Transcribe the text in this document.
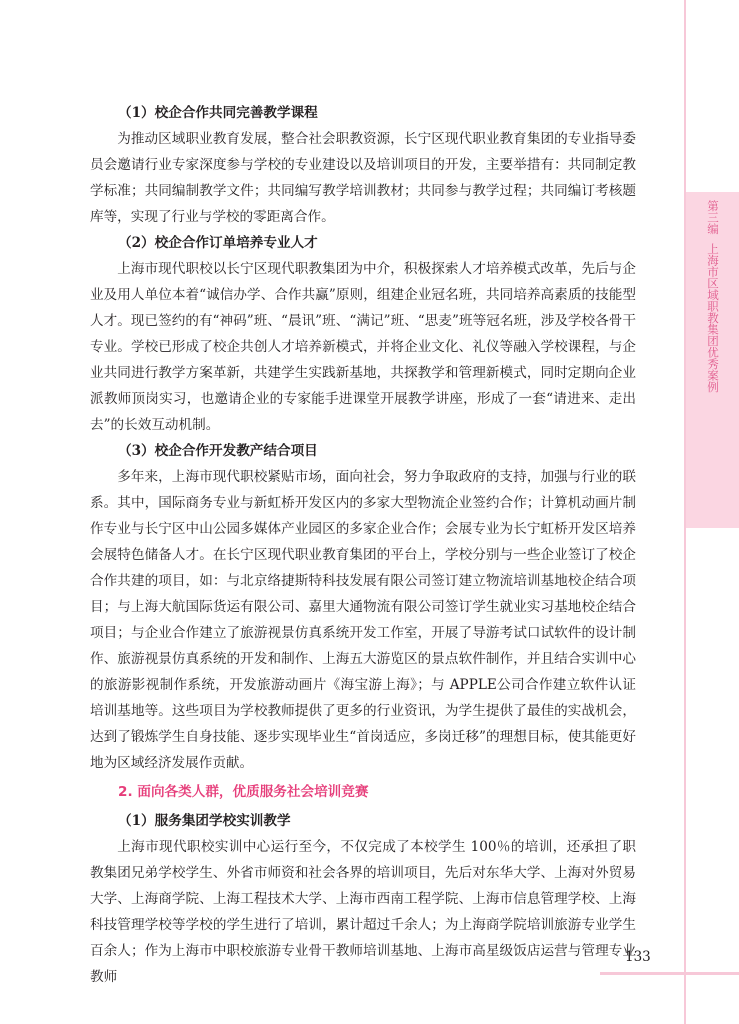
第三编
上海市区域职教集团优秀案例
（1）校企合作共同完善教学课程

为推动区域职业教育发展，整合社会职教资源，长宁区现代职业教育集团的专业指导委员会邀请行业专家深度参与学校的专业建设以及培训项目的开发，主要举措有：共同制定教学标准；共同编制教学文件；共同编写教学培训教材；共同参与教学过程；共同编订考核题库等，实现了行业与学校的零距离合作。

（2）校企合作订单培养专业人才

上海市现代职校以长宁区现代职教集团为中介，积极探索人才培养模式改革，先后与企业及用人单位本着“诚信办学、合作共赢”原则，组建企业冠名班，共同培养高素质的技能型人才。现已签约的有“神码”班、“晨讯”班、“满记”班、“思麦”班等冠名班，涉及学校各骨干专业。学校已形成了校企共创人才培养新模式，并将企业文化、礼仪等融入学校课程，与企业共同进行教学方案革新，共建学生实践新基地，共探教学和管理新模式，同时定期向企业派教师顶岗实习，也邀请企业的专家能手进课堂开展教学讲座，形成了一套“请进来、走出去”的长效互动机制。

（3）校企合作开发教产结合项目

多年来，上海市现代职校紧贴市场，面向社会，努力争取政府的支持，加强与行业的联系。其中，国际商务专业与新虹桥开发区内的多家大型物流企业签约合作；计算机动画片制作专业与长宁区中山公园多媒体产业园区的多家企业合作；会展专业为长宁虹桥开发区培养会展特色储备人才。在长宁区现代职业教育集团的平台上，学校分别与一些企业签订了校企合作共建的项目，如：与北京络捷斯特科技发展有限公司签订建立物流培训基地校企结合项目；与上海大航国际货运有限公司、嘉里大通物流有限公司签订学生就业实习基地校企结合项目；与企业合作建立了旅游视景仿真系统开发工作室，开展了导游考试口试软件的设计制作、旅游视景仿真系统的开发和制作、上海五大游览区的景点软件制作，并且结合实训中心的旅游影视制作系统，开发旅游动画片《海宝游上海》；与 APPLE公司合作建立软件认证培训基地等。这些项目为学校教师提供了更多的行业资讯，为学生提供了最佳的实战机会，达到了锻炼学生自身技能、逐步实现毕业生“首岗适应，多岗迁移”的理想目标，使其能更好地为区域经济发展作贡献。

2. 面向各类人群，优质服务社会培训竞赛
（1）服务集团学校实训教学

上海市现代职校实训中心运行至今，不仅完成了本校学生 100％的培训，还承担了职教集团兄弟学校学生、外省市师资和社会各界的培训项目，先后对东华大学、上海对外贸易大学、上海商学院、上海工程技术大学、上海市西南工程学院、上海市信息管理学校、上海科技管理学校等学校的学生进行了培训，累计超过千余人；为上海商学院培训旅游专业学生百余人；作为上海市中职校旅游专业骨干教师培训基地、上海市高星级饭店运营与管理专业教师

133
